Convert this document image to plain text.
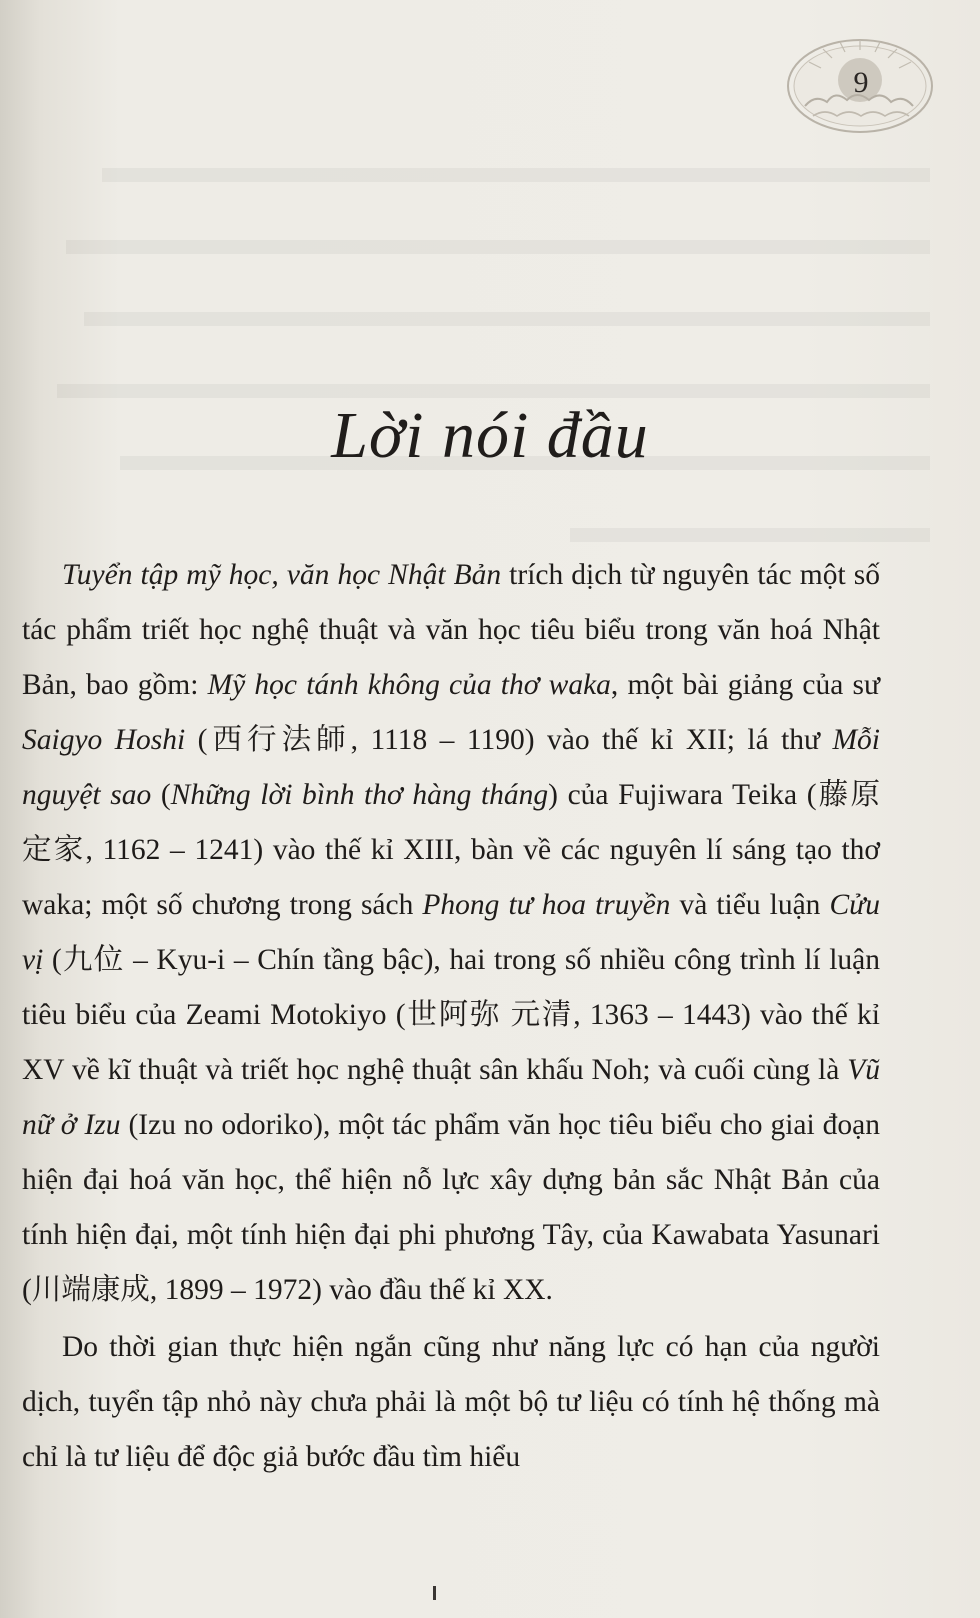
9
Lời nói đầu

Tuyển tập mỹ học, văn học Nhật Bản trích dịch từ nguyên tác một số tác phẩm triết học nghệ thuật và văn học tiêu biểu trong văn hoá Nhật Bản, bao gồm: Mỹ học tánh không của thơ waka, một bài giảng của sư Saigyo Hoshi (西行法師, 1118 – 1190) vào thế kỉ XII; lá thư Mỗi nguyệt sao (Những lời bình thơ hàng tháng) của Fujiwara Teika (藤原定家, 1162 – 1241) vào thế kỉ XIII, bàn về các nguyên lí sáng tạo thơ waka; một số chương trong sách Phong tư hoa truyền và tiểu luận Cửu vị (九位 – Kyu-i – Chín tầng bậc), hai trong số nhiều công trình lí luận tiêu biểu của Zeami Motokiyo (世阿弥 元清, 1363 – 1443) vào thế kỉ XV về kĩ thuật và triết học nghệ thuật sân khấu Noh; và cuối cùng là Vũ nữ ở Izu (Izu no odoriko), một tác phẩm văn học tiêu biểu cho giai đoạn hiện đại hoá văn học, thể hiện nỗ lực xây dựng bản sắc Nhật Bản của tính hiện đại, một tính hiện đại phi phương Tây, của Kawabata Yasunari (川端康成, 1899 – 1972) vào đầu thế kỉ XX.

Do thời gian thực hiện ngắn cũng như năng lực có hạn của người dịch, tuyển tập nhỏ này chưa phải là một bộ tư liệu có tính hệ thống mà chỉ là tư liệu để độc giả bước đầu tìm hiểu
